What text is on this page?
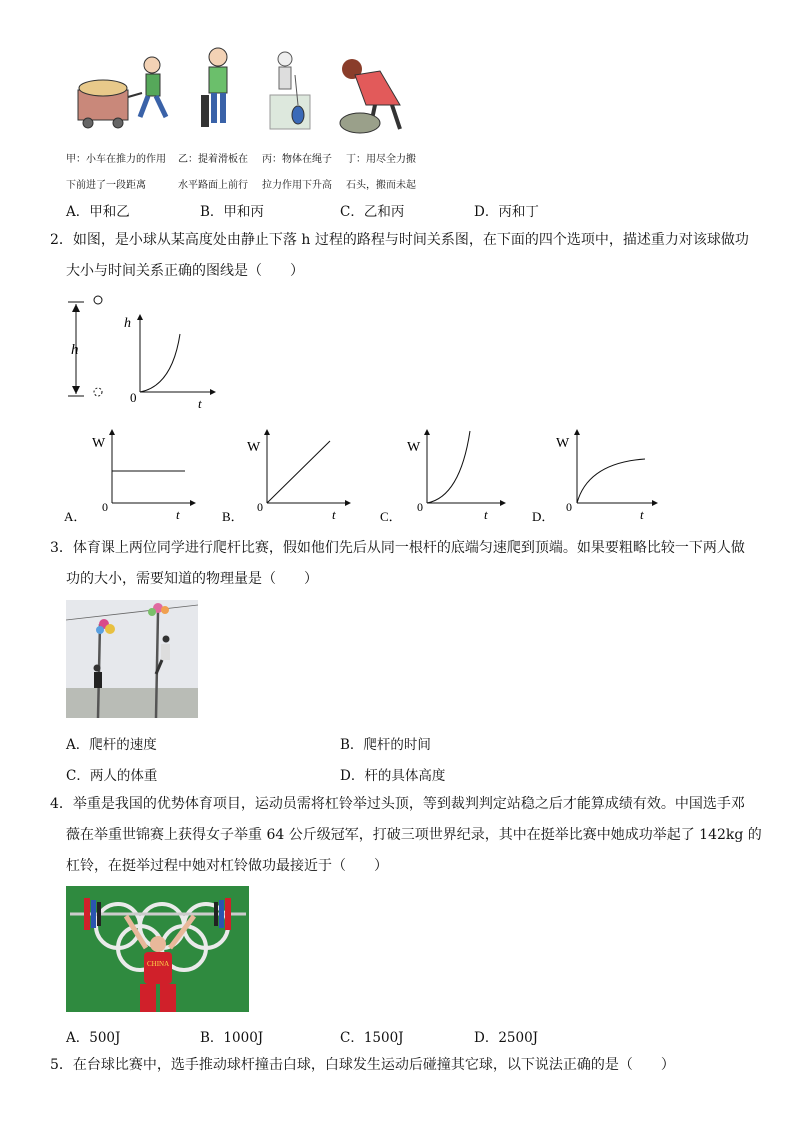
甲：小车在推力的作用
下前进了一段距离
乙：提着滑板在
水平路面上前行
丙：物体在绳子
拉力作用下升高
丁：用尽全力搬
石头，搬而未起
A．甲和乙	B．甲和丙	C．乙和丙	D．丙和丁
2．如图，是小球从某高度处由静止下落 h 过程的路程与时间关系图，在下面的四个选项中，描述重力对该球做功
大小与时间关系正确的图线是（　　）
h
h
0	t
W
0	t
A．
W
0	t
B．
W
0	t
C．
W
0	t
D．
3．体育课上两位同学进行爬杆比赛，假如他们先后从同一根杆的底端匀速爬到顶端。如果要粗略比较一下两人做
功的大小，需要知道的物理量是（　　）
A．爬杆的速度	B．爬杆的时间
C．两人的体重	D．杆的具体高度
4．举重是我国的优势体育项目，运动员需将杠铃举过头顶，等到裁判判定站稳之后才能算成绩有效。中国选手邓
薇在举重世锦赛上获得女子举重 64 公斤级冠军，打破三项世界纪录，其中在挺举比赛中她成功举起了 142kg 的
杠铃，在挺举过程中她对杠铃做功最接近于（　　）
CHINA
A．500J	B．1000J	C．1500J	D．2500J
5．在台球比赛中，选手推动球杆撞击白球，白球发生运动后碰撞其它球，以下说法正确的是（　　）
